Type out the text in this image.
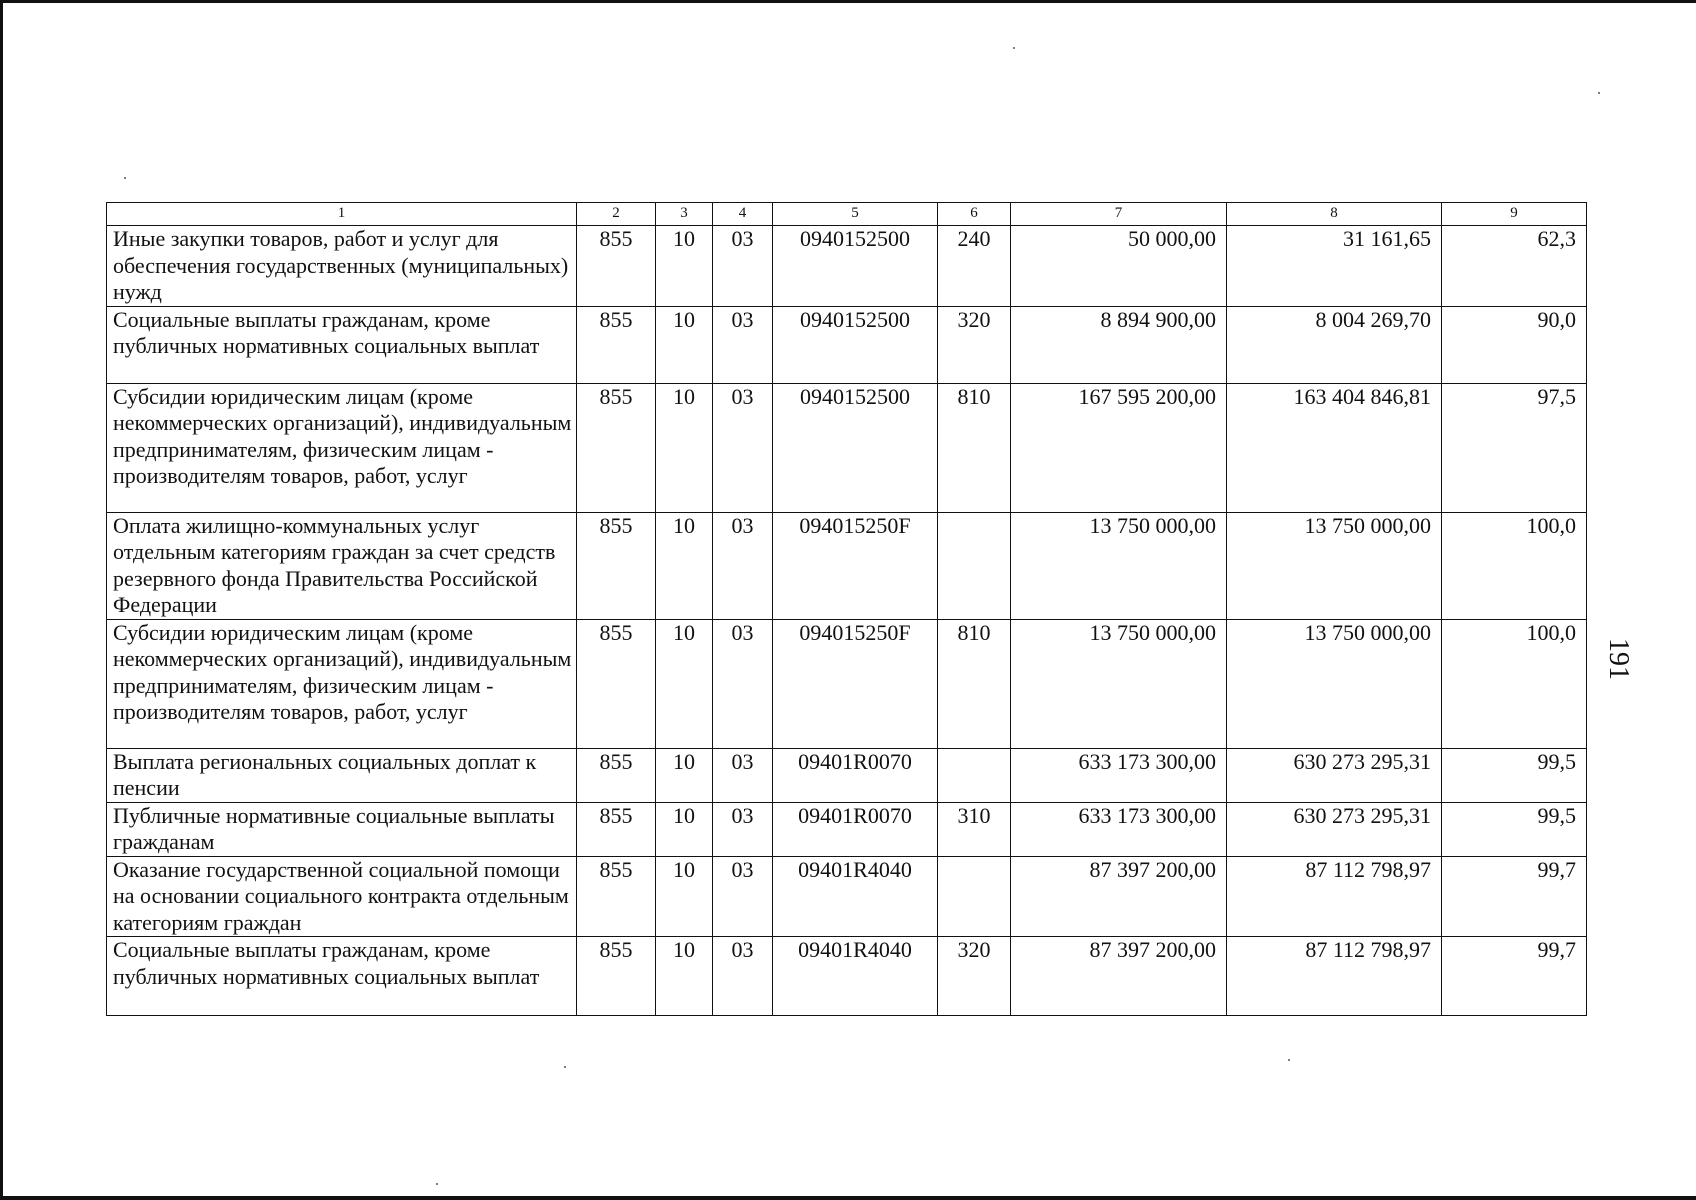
1	2	3	4	5	6	7	8	9
Иные закупки товаров, работ и услуг для обеспечения государственных (муниципальных) нужд	855	10	03	0940152500	240	50 000,00	31 161,65	62,3
Социальные выплаты гражданам, кроме публичных нормативных социальных выплат	855	10	03	0940152500	320	8 894 900,00	8 004 269,70	90,0
Субсидии юридическим лицам (кроме некоммерческих организаций), индивидуальным предпринимателям, физическим лицам - производителям товаров, работ, услуг	855	10	03	0940152500	810	167 595 200,00	163 404 846,81	97,5
Оплата жилищно-коммунальных услуг отдельным категориям граждан за счет средств резервного фонда Правительства Российской Федерации	855	10	03	094015250F		13 750 000,00	13 750 000,00	100,0
Субсидии юридическим лицам (кроме некоммерческих организаций), индивидуальным предпринимателям, физическим лицам - производителям товаров, работ, услуг	855	10	03	094015250F	810	13 750 000,00	13 750 000,00	100,0
Выплата региональных социальных доплат к пенсии	855	10	03	09401R0070		633 173 300,00	630 273 295,31	99,5
Публичные нормативные социальные выплаты гражданам	855	10	03	09401R0070	310	633 173 300,00	630 273 295,31	99,5
Оказание государственной социальной помощи на основании социального контракта отдельным категориям граждан	855	10	03	09401R4040		87 397 200,00	87 112 798,97	99,7
Социальные выплаты гражданам, кроме публичных нормативных социальных выплат	855	10	03	09401R4040	320	87 397 200,00	87 112 798,97	99,7
191
